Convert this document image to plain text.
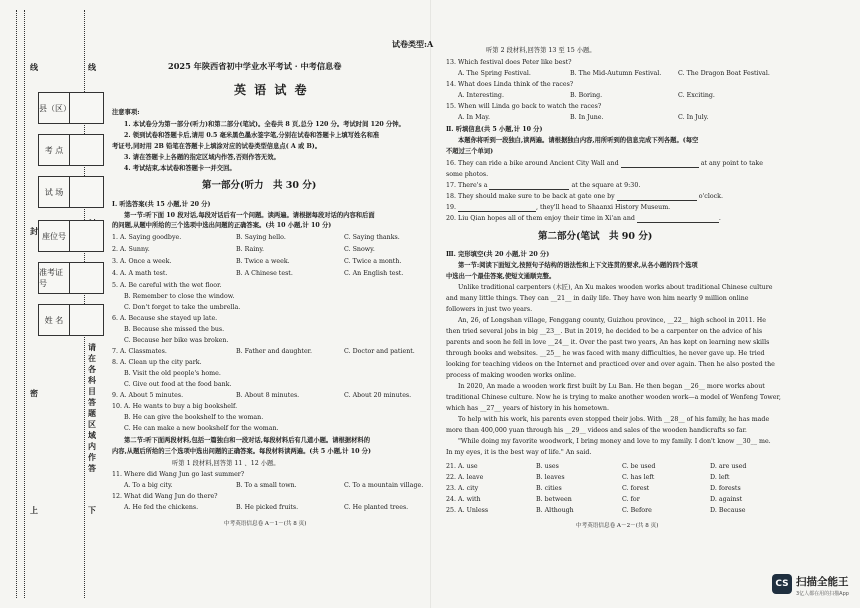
线
封
密
上	下
线
请在各科目答题区域内作答
县（区）
考 点
试 场
座位号
准考证号
姓 名
试卷类型:A
2025 年陕西省初中学业水平考试 · 中考信息卷
英 语 试 卷
注意事项:
1. 本试卷分为第一部分(听力)和第二部分(笔试)。全卷共 8 页,总分 120 分。考试时间 120 分钟。
2. 领到试卷和答题卡后,请用 0.5 毫米黑色墨水签字笔,分别在试卷和答题卡上填写姓名和准
考证号,同时用 2B 铅笔在答题卡上填涂对应的试卷类型信息点( A 或 B)。
3. 请在答题卡上各题的指定区域内作答,否则作答无效。
4. 考试结束,本试卷和答题卡一并交回。
第一部分(听力　共 30 分)
Ⅰ. 听选答案(共 15 小题,计 20 分)
第一节:听下面 10 段对话,每段对话后有一个问题。读两遍。请根据每段对话的内容和后面
的问题,从题中所给的三个选项中选出问题的正确答案。(共 10 小题,计 10 分)
1. A. Saying goodbye.	B. Saying hello.	C. Saying thanks.
2. A. Sunny.	B. Rainy.	C. Snowy.
3. A. Once a week.	B. Twice a week.	C. Twice a month.
4. A. A math test.	B. A Chinese test.	C. An English test.
5. A. Be careful with the wet floor.
B. Remember to close the window.
C. Don't forget to take the umbrella.
6. A. Because she stayed up late.
B. Because she missed the bus.
C. Because her bike was broken.
7. A. Classmates.	B. Father and daughter.	C. Doctor and patient.
8. A. Clean up the city park.
B. Visit the old people's home.
C. Give out food at the food bank.
9. A. About 5 minutes.	B. About 8 minutes.	C. About 20 minutes.
10. A. He wants to buy a big bookshelf.
B. He can give the bookshelf to the woman.
C. He can make a new bookshelf for the woman.
第二节:听下面两段材料,包括一篇独白和一段对话,每段材料后有几道小题。请根据材料的
内容,从题后所给的三个选项中选出问题的正确答案。每段材料读两遍。(共 5 小题,计 10 分)
听第 1 段材料,回答第 11 、12 小题。
11. Where did Wang Jun go last summer?
A. To a big city.	B. To a small town.	C. To a mountain village.
12. What did Wang Jun do there?
A. He fed the chickens.	B. He picked fruits.	C. He planted trees.
中考英语信息卷 A－1－(共 8 页)
听第 2 段材料,回答第 13 至 15 小题。
13. Which festival does Peter like best?
A. The Spring Festival.	B. The Mid-Autumn Festival.	C. The Dragon Boat Festival.
14. What does Linda think of the races?
A. Interesting.	B. Boring.	C. Exciting.
15. When will Linda go back to watch the races?
A. In May.	B. In June.	C. In July.
Ⅱ. 听填信息(共 5 小题,计 10 分)
本题你将听到一段独白,读两遍。请根据独白内容,用所听到的信息完成下列各题。(每空
不超过三个单词)
16. They can ride a bike around Ancient City Wall and	at any point to take
some photos.
17. There's a	at the square at 9:30.
18. They should make sure to be back at gate one by	o'clock.
19.	, they'll head to Shaanxi History Museum.
20. Liu Qian hopes all of them enjoy their time in Xi'an and	.
第二部分(笔试　共 90 分)
Ⅲ. 完形填空(共 20 小题,计 20 分)
第一节:阅读下面短文,按照句子结构的语法性和上下文连贯的要求,从各小题的四个选项
中选出一个最佳答案,使短文通顺完整。
Unlike traditional carpenters (木匠), An Xu makes wooden works about traditional Chinese culture
and many little things. They can __21__ in daily life. They have won him nearly 9 million online
followers in just two years.
An, 26, of Longshan village, Fenggang county, Guizhou province, __22__ high school in 2011. He
then tried several jobs in big __23__. But in 2019, he decided to be a carpenter on the advice of his
parents and soon he fell in love __24__ it. Over the past two years, An has kept on learning new skills
through books and websites. __25__ he was faced with many difficulties, he never gave up. He tried
looking for teaching videos on the Internet and practiced over and over again. Then he also posted the
process of making wooden works online.
In 2020, An made a wooden work first built by Lu Ban. He then began __26__ more works about
traditional Chinese culture. Now he is trying to make another wooden work—a model of Wenfeng Tower,
which has __27__ years of history in his hometown.
To help with his work, his parents even stopped their jobs. With __28__ of his family, he has made
more than 400,000 yuan through his __29__ videos and sales of the wooden handicrafts so far.
"While doing my favorite woodwork, I bring money and love to my family. I don't know __30__ me.
In my eyes, it is the best way of life." An said.
21. A. use	B. uses	C. be used	D. are used
22. A. leave	B. leaves	C. has left	D. left
23. A. city	B. cities	C. forest	D. forests
24. A. with	B. between	C. for	D. against
25. A. Unless	B. Although	C. Before	D. Because
中考英语信息卷 A－2－(共 8 页)
CS 扫描全能王
3亿人都在用的扫描App
